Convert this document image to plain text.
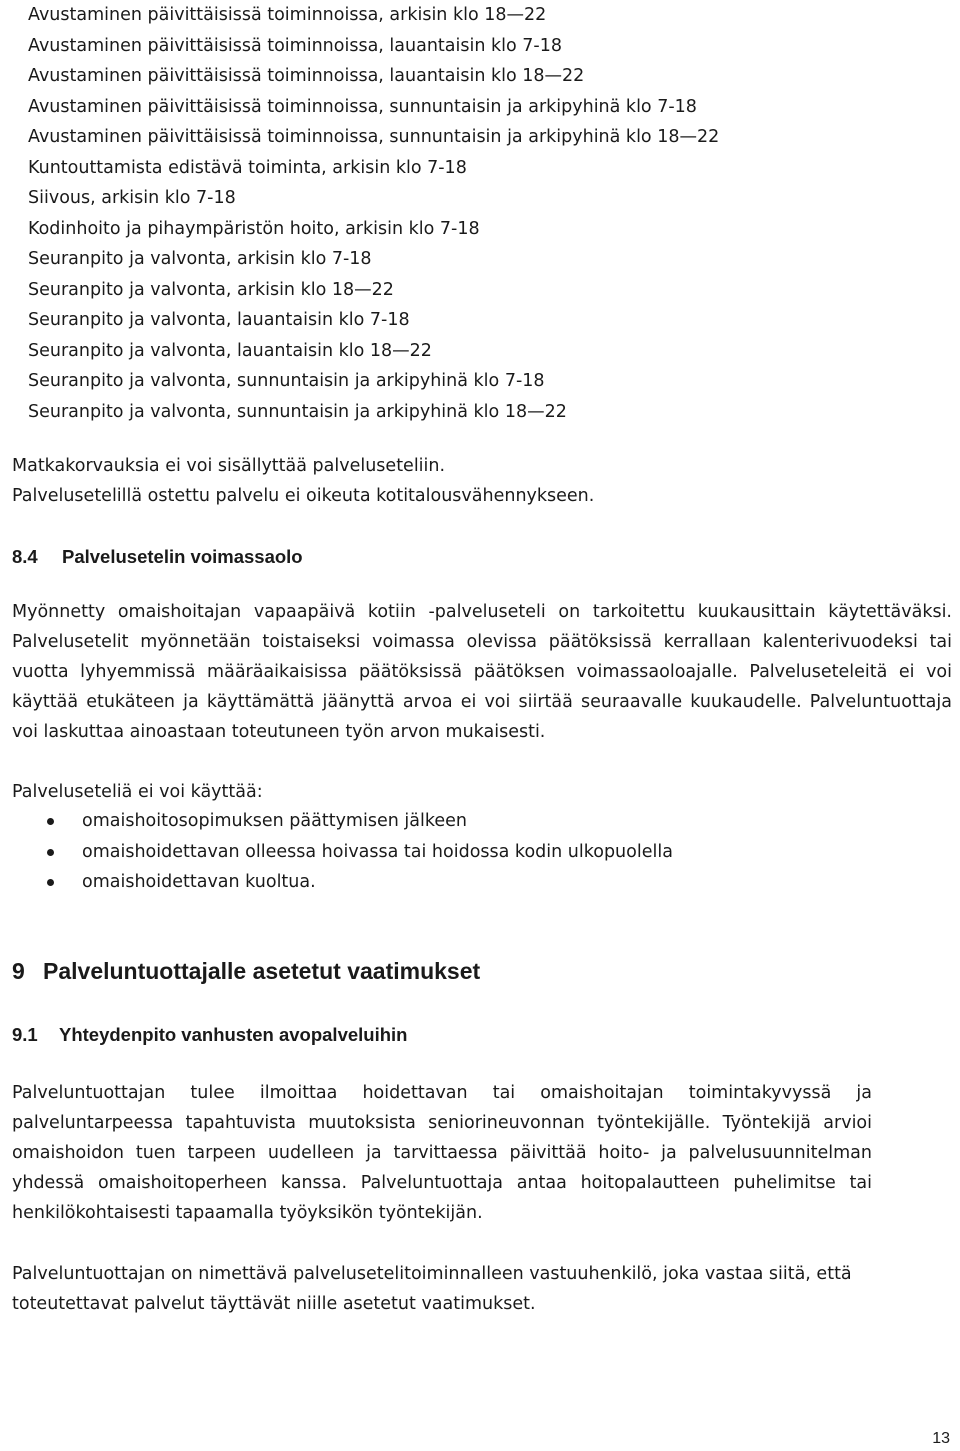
Avustaminen päivittäisissä toiminnoissa, arkisin klo 18—22
Avustaminen päivittäisissä toiminnoissa, lauantaisin klo 7-18
Avustaminen päivittäisissä toiminnoissa, lauantaisin klo 18—22
Avustaminen päivittäisissä toiminnoissa, sunnuntaisin ja arkipyhinä klo 7-18
Avustaminen päivittäisissä toiminnoissa, sunnuntaisin ja arkipyhinä klo 18—22
Kuntouttamista edistävä toiminta, arkisin klo 7-18
Siivous, arkisin klo 7-18
Kodinhoito ja pihaympäristön hoito, arkisin klo 7-18
Seuranpito ja valvonta, arkisin klo 7-18
Seuranpito ja valvonta, arkisin klo 18—22
Seuranpito ja valvonta, lauantaisin klo 7-18
Seuranpito ja valvonta, lauantaisin klo 18—22
Seuranpito ja valvonta, sunnuntaisin ja arkipyhinä klo 7-18
Seuranpito ja valvonta, sunnuntaisin ja arkipyhinä klo 18—22
Matkakorvauksia ei voi sisällyttää palveluseteliin.
Palvelusetelillä ostettu palvelu ei oikeuta kotitalousvähennykseen.
8.4 Palvelusetelin voimassaolo

Myönnetty omaishoitajan vapaapäivä kotiin -palveluseteli on tarkoitettu kuukausittain käytettäväksi. Palvelusetelit myönnetään toistaiseksi voimassa olevissa päätöksissä kerrallaan kalenterivuodeksi tai vuotta lyhyemmissä määräaikaisissa päätöksissä päätöksen voimassaoloajalle. Palveluseteleitä ei voi käyttää etukäteen ja käyttämättä jäänyttä arvoa ei voi siirtää seuraavalle kuukaudelle. Palveluntuottaja voi laskuttaa ainoastaan toteutuneen työn arvon mukaisesti.

Palveluseteliä ei voi käyttää:

omaishoitosopimuksen päättymisen jälkeen
omaishoidettavan olleessa hoivassa tai hoidossa kodin ulkopuolella
omaishoidettavan kuoltua.
9 Palveluntuottajalle asetetut vaatimukset
9.1 Yhteydenpito vanhusten avopalveluihin

Palveluntuottajan tulee ilmoittaa hoidettavan tai omaishoitajan toimintakyvyssä ja palveluntarpeessa tapahtuvista muutoksista seniorineuvonnan työntekijälle. Työntekijä arvioi omaishoidon tuen tarpeen uudelleen ja tarvittaessa päivittää hoito- ja palvelusuunnitelman yhdessä omaishoitoperheen kanssa. Palveluntuottaja antaa hoitopalautteen puhelimitse tai henkilökohtaisesti tapaamalla työyksikön työntekijän.

Palveluntuottajan on nimettävä palvelusetelitoiminnalleen vastuuhenkilö, joka vastaa siitä, että toteutettavat palvelut täyttävät niille asetetut vaatimukset.

13
